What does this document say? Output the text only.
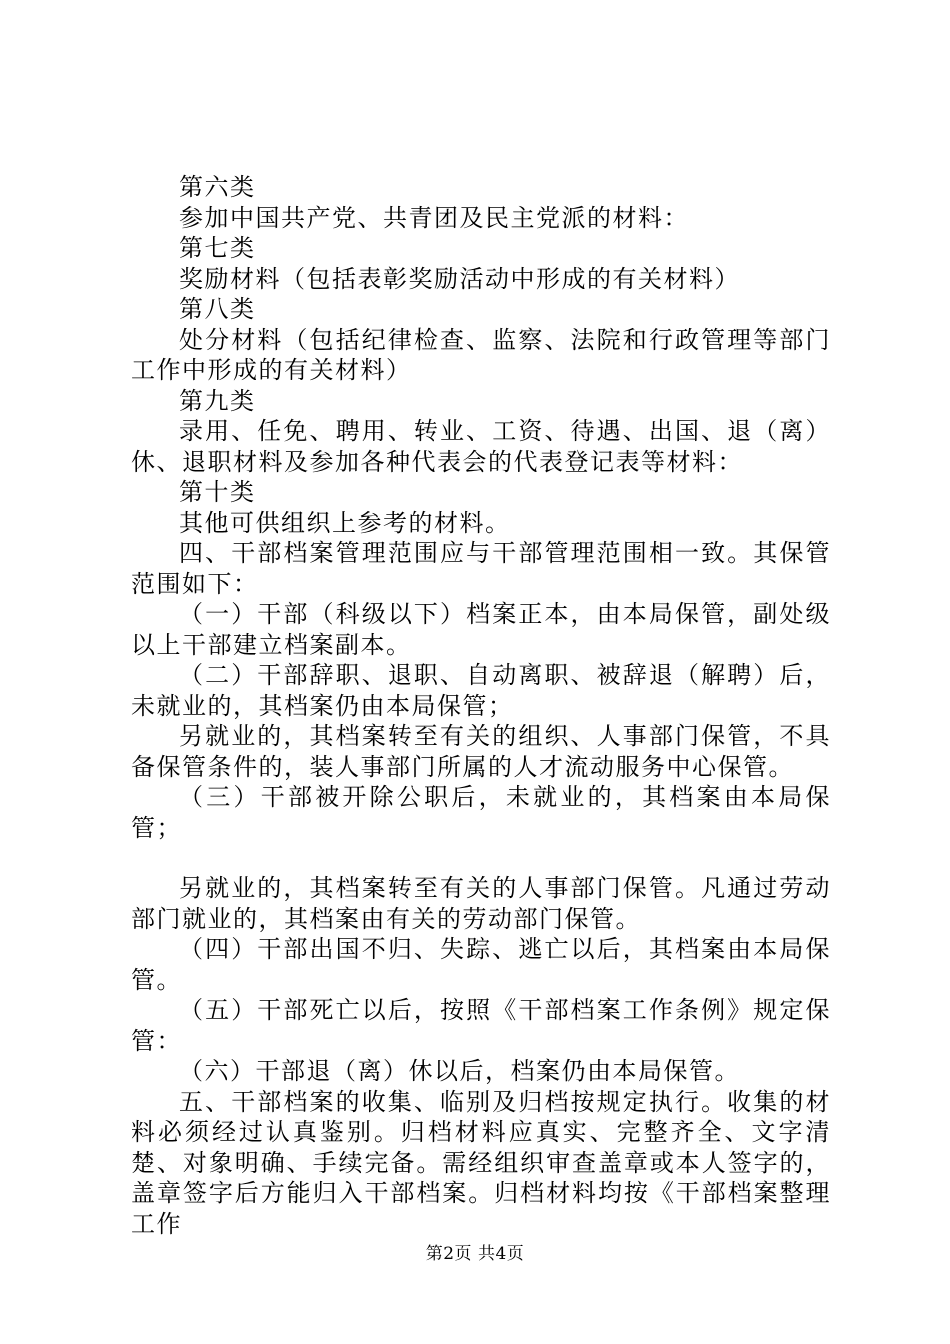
第六类

参加中国共产党、共青团及民主党派的材料：

第七类

奖励材料（包括表彰奖励活动中形成的有关材料）

第八类

处分材料（包括纪律检查、监察、法院和行政管理等部门工作中形成的有关材料）

第九类

录用、任免、聘用、转业、工资、待遇、出国、退（离）休、退职材料及参加各种代表会的代表登记表等材料：

第十类

其他可供组织上参考的材料。

四、干部档案管理范围应与干部管理范围相一致。其保管范围如下：

（一）干部（科级以下）档案正本，由本局保管，副处级以上干部建立档案副本。

（二）干部辞职、退职、自动离职、被辞退（解聘）后，未就业的，其档案仍由本局保管；

另就业的，其档案转至有关的组织、人事部门保管，不具备保管条件的，装人事部门所属的人才流动服务中心保管。

（三）干部被开除公职后，未就业的，其档案由本局保管；

另就业的，其档案转至有关的人事部门保管。凡通过劳动部门就业的，其档案由有关的劳动部门保管。

（四）干部出国不归、失踪、逃亡以后，其档案由本局保管。

（五）干部死亡以后，按照《干部档案工作条例》规定保管：

（六）干部退（离）休以后，档案仍由本局保管。

五、干部档案的收集、临别及归档按规定执行。收集的材料必须经过认真鉴别。归档材料应真实、完整齐全、文字清楚、对象明确、手续完备。需经组织审查盖章或本人签字的，盖章签字后方能归入干部档案。归档材料均按《干部档案整理工作

第2页 共4页
